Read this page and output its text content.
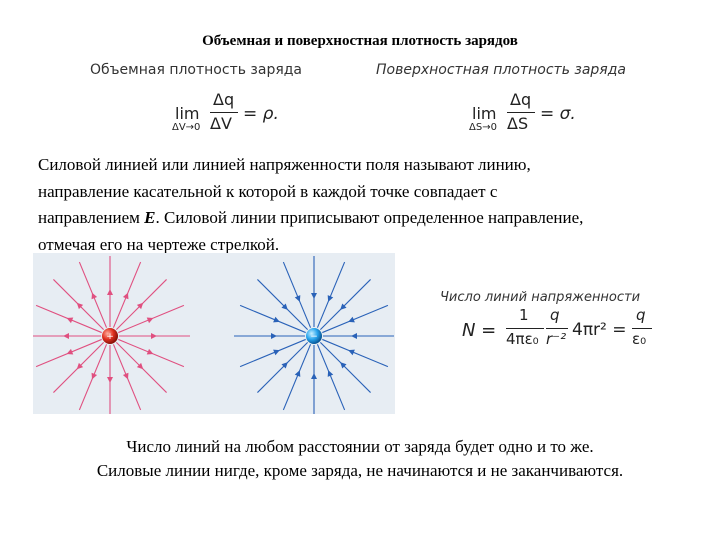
Объемная и поверхностная плотность зарядов
Объемная плотность заряда	Поверхностная плотность заряда
lim
ΔV→0
Δq
ΔV = ρ.	lim
ΔS→0
Δq
ΔS = σ.
Силовой линией или линией напряженности поля называют линию,
направление касательной к которой в каждой точке совпадает с
направлением E. Силовой линии приписывают определенное направление,
отмечая его на чертеже стрелкой.
+	−
Число линий напряженности
N =
1
4πε₀
q
r⁻² 4πr² =
q
ε₀
Число линий на любом расстоянии от заряда будет одно и то же.
Силовые линии нигде, кроме заряда, не начинаются и не заканчиваются.
